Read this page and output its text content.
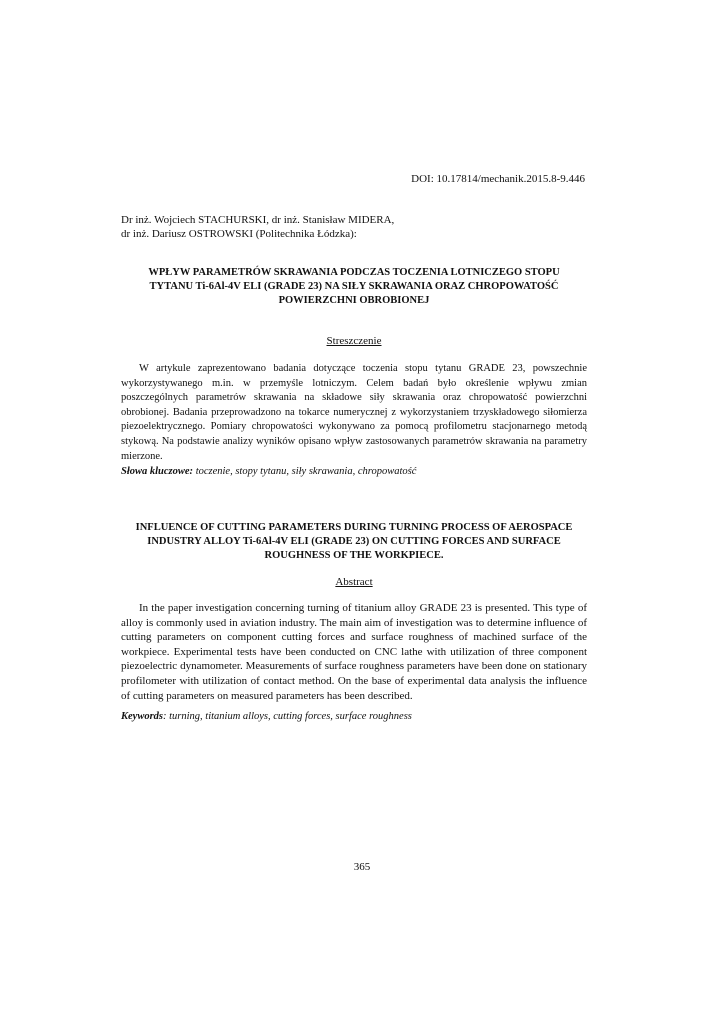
DOI: 10.17814/mechanik.2015.8-9.446
Dr inż. Wojciech STACHURSKI, dr inż. Stanisław MIDERA,
dr inż. Dariusz OSTROWSKI (Politechnika Łódzka):
WPŁYW PARAMETRÓW SKRAWANIA PODCZAS TOCZENIA LOTNICZEGO STOPU
TYTANU Ti-6Al-4V ELI (GRADE 23) NA SIŁY SKRAWANIA ORAZ CHROPOWATOŚĆ
POWIERZCHNI OBROBIONEJ
Streszczenie

W artykule zaprezentowano badania dotyczące toczenia stopu tytanu GRADE 23, powszechnie wykorzystywanego m.in. w przemyśle lotniczym. Celem badań było określenie wpływu zmian poszczególnych parametrów skrawania na składowe siły skrawania oraz chropowatość powierzchni obrobionej. Badania przeprowadzono na tokarce numerycznej z wykorzystaniem trzyskładowego siłomierza piezoelektrycznego. Pomiary chropowatości wykonywano za pomocą profilometru stacjonarnego metodą stykową. Na podstawie analizy wyników opisano wpływ zastosowanych parametrów skrawania na parametry mierzone.

Słowa kluczowe: toczenie, stopy tytanu, siły skrawania, chropowatość
INFLUENCE OF CUTTING PARAMETERS DURING TURNING PROCESS OF AEROSPACE
INDUSTRY ALLOY Ti-6Al-4V ELI (GRADE 23) ON CUTTING FORCES AND SURFACE
ROUGHNESS OF THE WORKPIECE.
Abstract

In the paper investigation concerning turning of titanium alloy GRADE 23 is presented. This type of alloy is commonly used in aviation industry. The main aim of investigation was to determine influence of cutting parameters on component cutting forces and surface roughness of machined surface of the workpiece. Experimental tests have been conducted on CNC lathe with utilization of three component piezoelectric dynamometer. Measurements of surface roughness parameters have been done on stationary profilometer with utilization of contact method. On the base of experimental data analysis the influence of cutting parameters on measured parameters has been described.

Keywords: turning, titanium alloys, cutting forces, surface roughness
365
